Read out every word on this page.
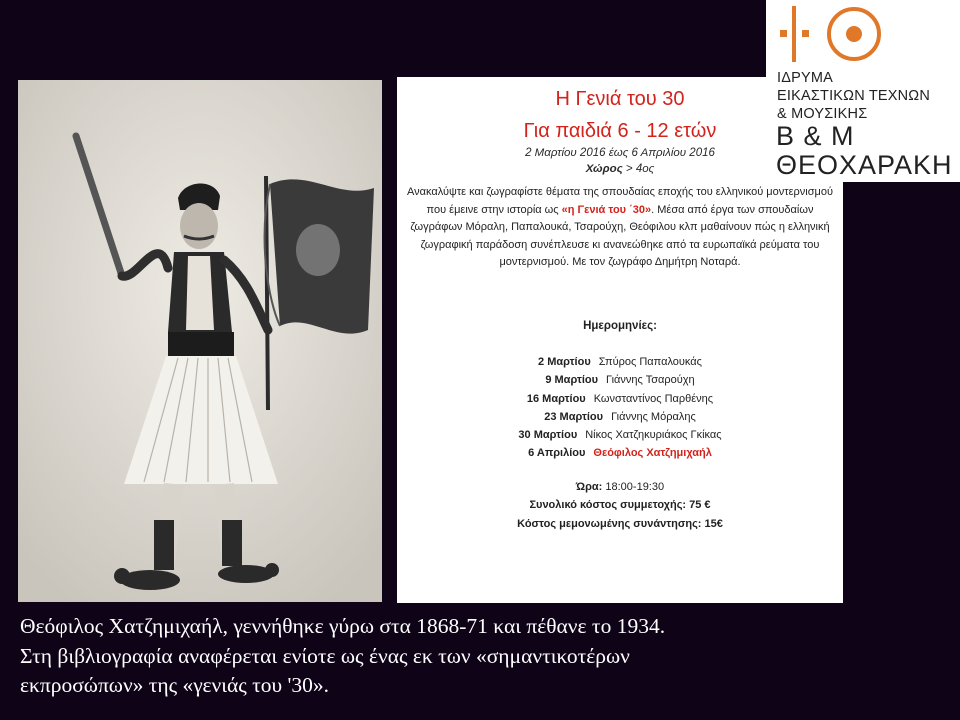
Η Γενιά του 30
Για παιδιά 6 - 12 ετών
2 Μαρτίου 2016 έως 6 Απριλίου 2016
Χώρος > 4ος
Ανακαλύψτε και ζωγραφίστε θέματα της σπουδαίας εποχής του ελληνικού μοντερνισμού που έμεινε στην ιστορία ως «η Γενιά του ΄30». Μέσα από έργα των σπουδαίων ζωγράφων Μόραλη, Παπαλουκά, Τσαρούχη, Θεόφιλου κλπ μαθαίνουν πώς η ελληνική ζωγραφική παράδοση συνέπλευσε κι ανανεώθηκε από τα ευρωπαϊκά ρεύματα του μοντερνισμού. Με τον ζωγράφο Δημήτρη Νοταρά.
Ημερομηνίες:
2 Μαρτίου Σπύρος Παπαλουκάς
9 Μαρτίου Γιάννης Τσαρούχη
16 Μαρτίου Κωνσταντίνος Παρθένης
23 Μαρτίου Γιάννης Μόραλης
30 Μαρτίου Νίκος Χατζηκυριάκος Γκίκας
6 Απριλίου Θεόφιλος Χατζημιχαήλ
Ώρα: 18:00-19:30
Συνολικό κόστος συμμετοχής: 75 €
Κόστος μεμονωμένης συνάντησης: 15€
ΙΔΡΥΜΑ
ΕΙΚΑΣΤΙΚΩΝ ΤΕΧΝΩΝ
& ΜΟΥΣΙΚΗΣ
Β & Μ
ΘΕΟΧΑΡΑΚΗ
Θεόφιλος Χατζημιχαήλ, γεννήθηκε γύρω στα 1868-71 και πέθανε το 1934.
Στη βιβλιογραφία αναφέρεται ενίοτε ως ένας εκ των «σημαντικοτέρων
εκπροσώπων» της «γενιάς του '30».
